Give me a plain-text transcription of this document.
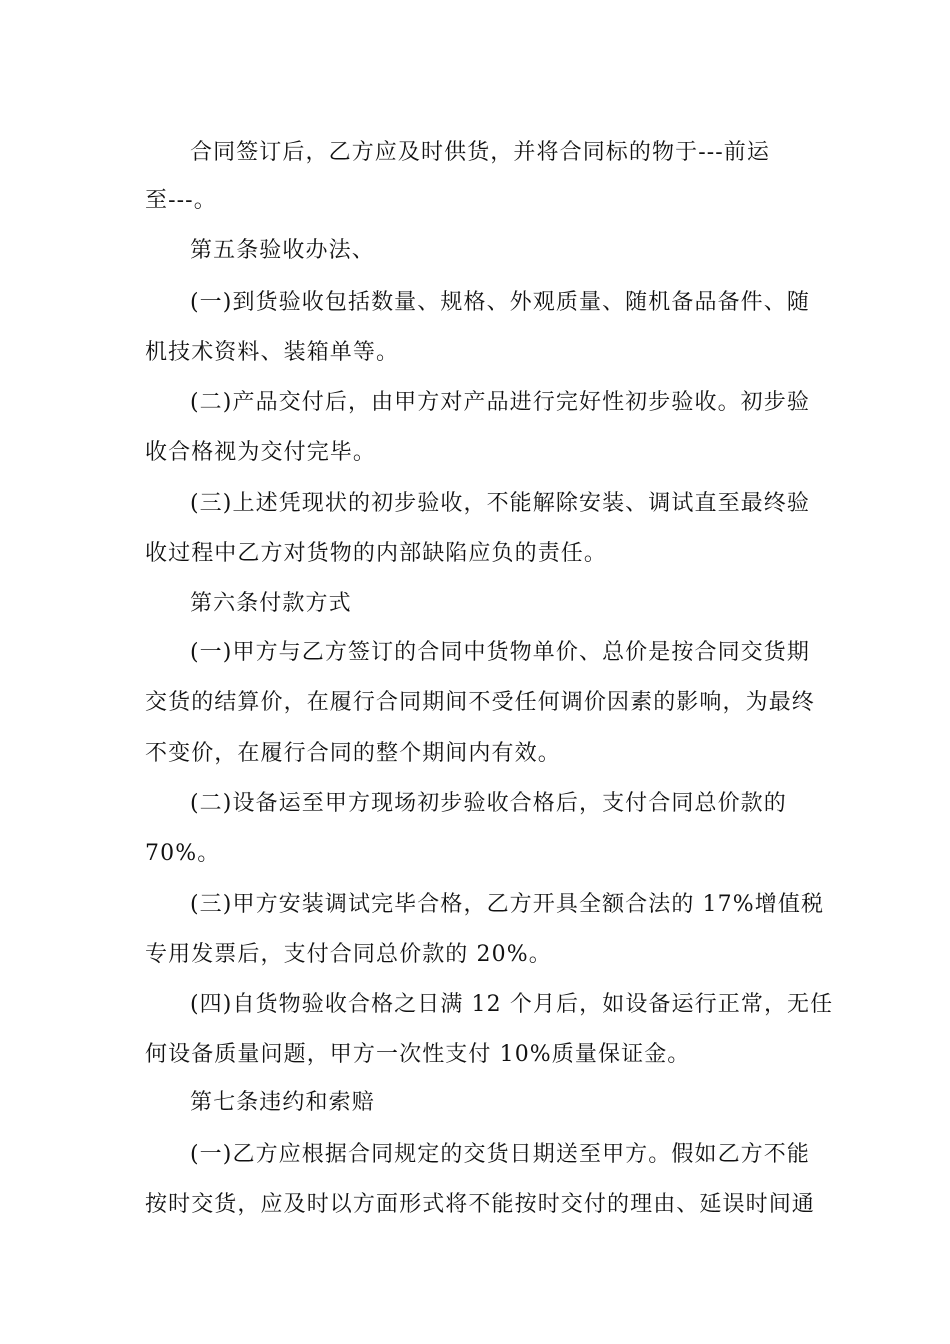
合同签订后，乙方应及时供货，并将合同标的物于---前运
至---。
第五条验收办法、
(一)到货验收包括数量、规格、外观质量、随机备品备件、随
机技术资料、装箱单等。
(二)产品交付后，由甲方对产品进行完好性初步验收。初步验
收合格视为交付完毕。
(三)上述凭现状的初步验收，不能解除安装、调试直至最终验
收过程中乙方对货物的内部缺陷应负的责任。
第六条付款方式
(一)甲方与乙方签订的合同中货物单价、总价是按合同交货期
交货的结算价，在履行合同期间不受任何调价因素的影响，为最终
不变价，在履行合同的整个期间内有效。
(二)设备运至甲方现场初步验收合格后，支付合同总价款的
70%。
(三)甲方安装调试完毕合格，乙方开具全额合法的 17%增值税
专用发票后，支付合同总价款的 20%。
(四)自货物验收合格之日满 12 个月后，如设备运行正常，无任
何设备质量问题，甲方一次性支付 10%质量保证金。
第七条违约和索赔
(一)乙方应根据合同规定的交货日期送至甲方。假如乙方不能
按时交货，应及时以方面形式将不能按时交付的理由、延误时间通
